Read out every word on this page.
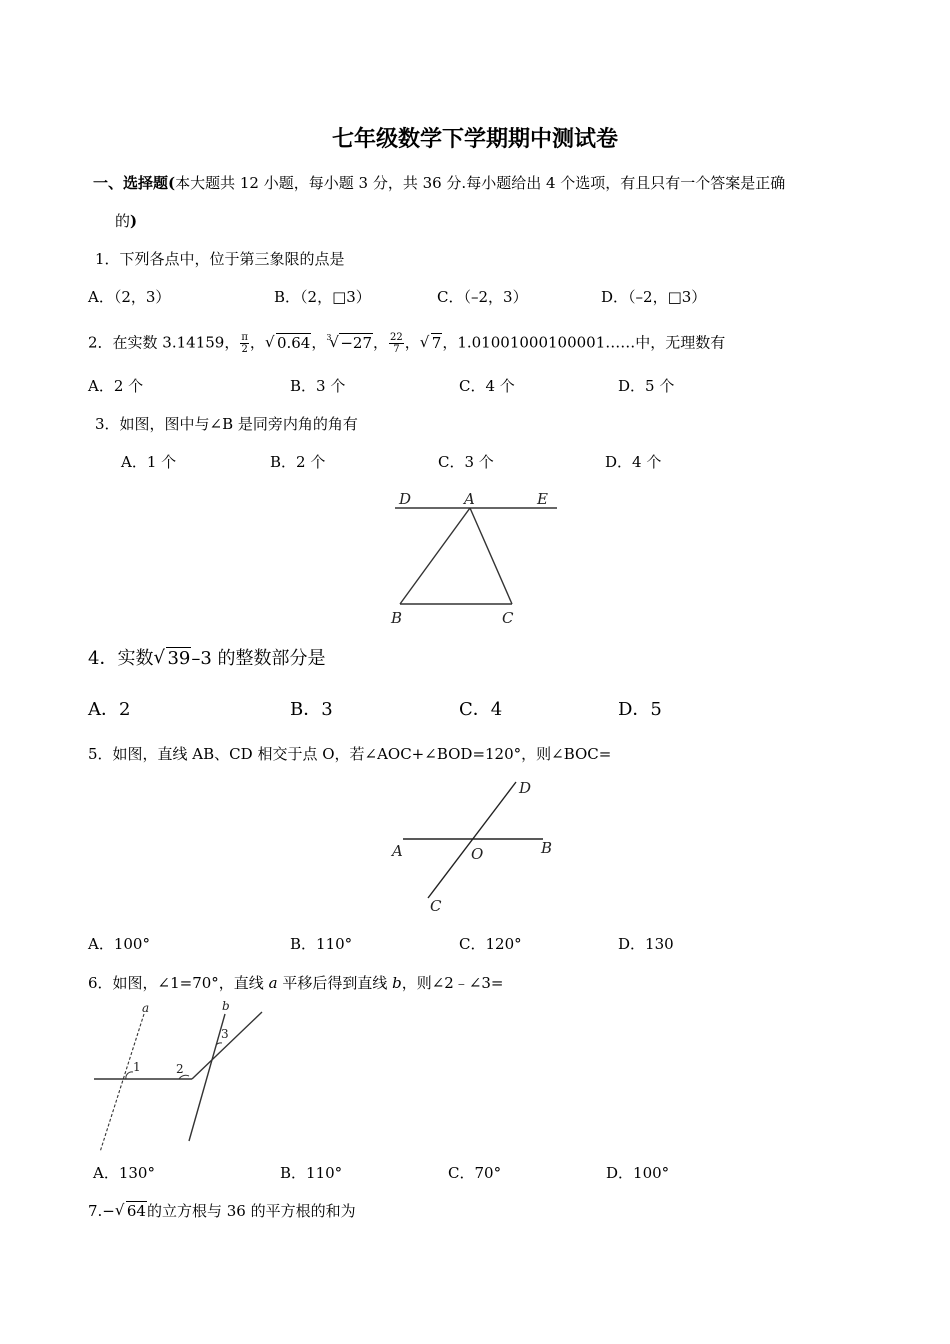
七年级数学下学期期中测试卷
一、选择题(本大题共 12 小题，每小题 3 分，共 36 分.每小题给出 4 个选项，有且只有一个答案是正确
的)
1．下列各点中，位于第三象限的点是
A．（2，3）	B．（2，□3）	C．（–2，3）	D．（–2，□3）
2．在实数 3.14159， $\frac{\pi}{2}$ ， √ 0.64， √ 3 −27， $\frac{22}{7}$ ， √ 7，1.01001000100001……中，无理数有
A．2 个	B．3 个	C．4 个	D．5 个
3．如图，图中与∠B 是同旁内角的角有
A．1 个	B．2 个	C．3 个	D．4 个
D	A	E
B	C
4．实数 √ 39–3 的整数部分是
A．2	B．3	C．4	D．5
5．如图，直线 AB、CD 相交于点 O，若∠AOC+∠BOD=120°，则∠BOC=
A	B
C
D
O
A．100°	B．110°	C．120°	D．130
6．如图，∠1=70°，直线 a 平移后得到直线 b，则∠2﹣∠3=
a	b
1	2
3
A．130°	B．110°	C．70°	D．100°
7.− √ 64的立方根与 36 的平方根的和为
